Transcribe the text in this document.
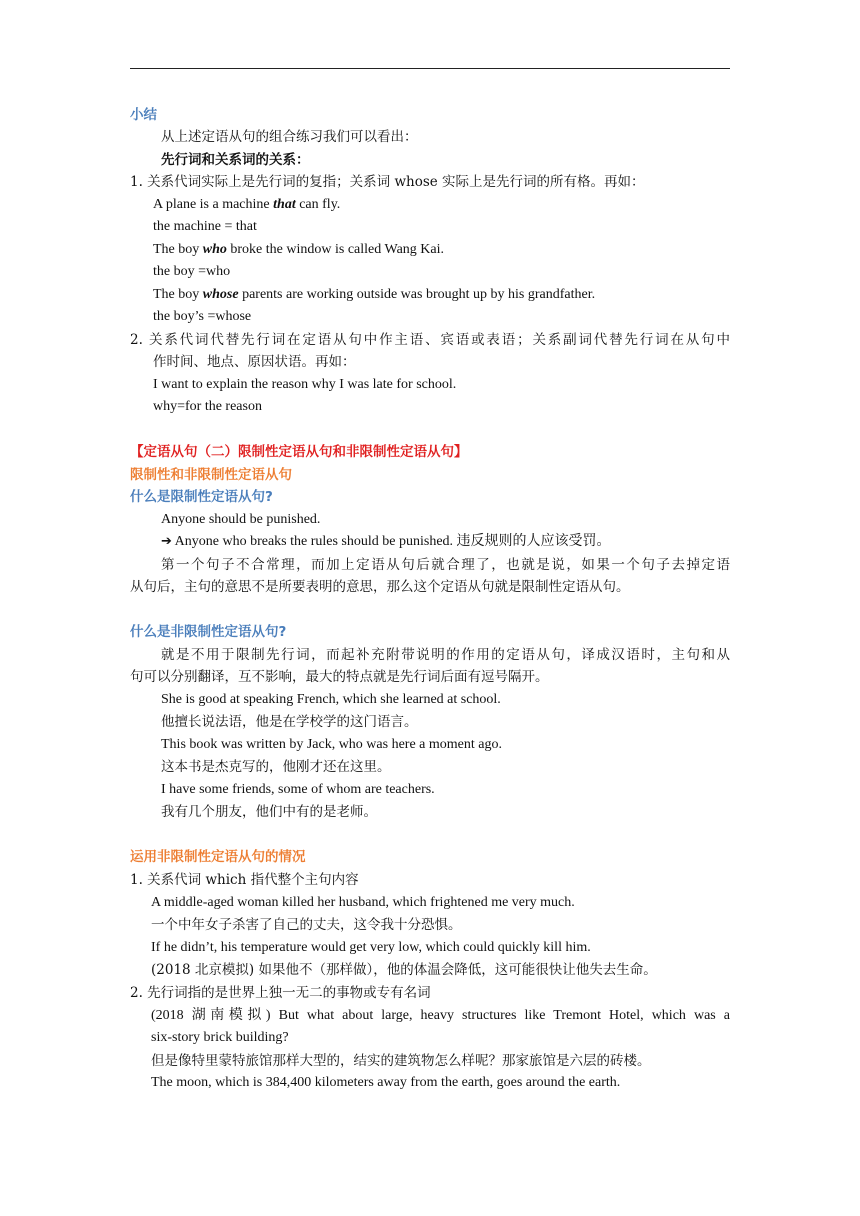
小结
从上述定语从句的组合练习我们可以看出：
先行词和关系词的关系：
1. 关系代词实际上是先行词的复指；关系词 whose 实际上是先行词的所有格。再如：
A plane is a machine that can fly.
the machine = that
The boy who broke the window is called Wang Kai.
the boy =who
The boy whose parents are working outside was brought up by his grandfather.
the boy’s =whose
2. 关系代词代替先行词在定语从句中作主语、宾语或表语；关系副词代替先行词在从句中
作时间、地点、原因状语。再如：
I want to explain the reason why I was late for school.
why=for the reason
【定语从句（二）限制性定语从句和非限制性定语从句】
限制性和非限制性定语从句
什么是限制性定语从句?
Anyone should be punished.
➔ Anyone who breaks the rules should be punished. 违反规则的人应该受罚。
第一个句子不合常理，而加上定语从句后就合理了，也就是说，如果一个句子去掉定语
从句后，主句的意思不是所要表明的意思，那么这个定语从句就是限制性定语从句。
什么是非限制性定语从句?
就是不用于限制先行词，而起补充附带说明的作用的定语从句，译成汉语时，主句和从
句可以分别翻译，互不影响，最大的特点就是先行词后面有逗号隔开。
She is good at speaking French, which she learned at school.
他擅长说法语，他是在学校学的这门语言。
This book was written by Jack, who was here a moment ago.
这本书是杰克写的，他刚才还在这里。
I have some friends, some of whom are teachers.
我有几个朋友，他们中有的是老师。
运用非限制性定语从句的情况
1. 关系代词 which 指代整个主句内容
A middle-aged woman killed her husband, which frightened me very much.
一个中年女子杀害了自己的丈夫，这令我十分恐惧。
If he didn’t, his temperature would get very low, which could quickly kill him.
(2018 北京模拟) 如果他不（那样做），他的体温会降低，这可能很快让他失去生命。
2. 先行词指的是世界上独一无二的事物或专有名词
(2018 湖南模拟) But what about large, heavy structures like Tremont Hotel, which was a
six-story brick building?
但是像特里蒙特旅馆那样大型的，结实的建筑物怎么样呢？那家旅馆是六层的砖楼。
The moon, which is 384,400 kilometers away from the earth, goes around the earth.
